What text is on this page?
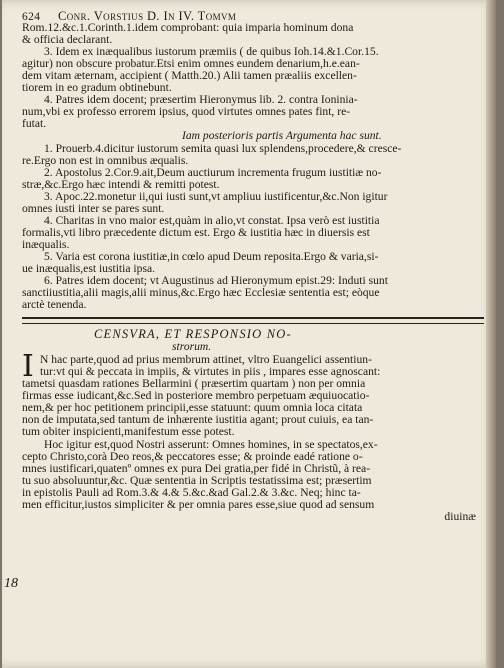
18
624 Conr. Vorstius D. In IV. Tomvm
Rom.12.&c.1.Corinth.1.idem comprobant: quia imparia hominum dona
& officia declarant.
3. Idem ex inæqualibus iustorum præmiis ( de quibus Ioh.14.&1.Cor.15.
agitur) non obscure probatur.Etsi enim omnes eundem denarium,h.e.ean-
dem vitam æternam, accipient ( Matth.20.) Alii tamen præaliis excellen-
tiorem in eo gradum obtinebunt.
4. Patres idem docent; præsertim Hieronymus lib. 2. contra Ioninia-
num,vbi ex professo errorem ipsius, quod virtutes omnes pates fint, re-
futat.
Iam posterioris partis Argumenta hac sunt.
1. Prouerb.4.dicitur iustorum semita quasi lux splendens,procedere,& cresce-
re.Ergo non est in omnibus æqualis.
2. Apostolus 2.Cor.9.ait,Deum auctiurum incrementa frugum iustitiæ no-
stræ,&c.Ergo hæc intendi & remitti potest.
3. Apoc.22.monetur ii,qui iusti sunt,vt ampliuu iustificentur,&c.Non igitur
omnes iusti inter se pares sunt.
4. Charitas in vno maior est,quàm in alio,vt constat. Ipsa verò est iustitia
formalis,vti libro præcedente dictum est. Ergo & iustitia hæc in diuersis est
inæqualis.
5. Varia est corona iustitiæ,in cœlo apud Deum reposita.Ergo & varia,si-
ue inæqualis,est iustitia ipsa.
6. Patres idem docent; vt Augustinus ad Hieronymum epist.29: Induti sunt
sanctiiustitia,alii magis,alii minus,&c.Ergo hæc Ecclesiæ sententia est; eòque
arctè tenenda.
CENSVRA, ET RESPONSIO NO-
strorum.
I N hac parte,quod ad prius membrum attinet, vltro Euangelici assentiun-
tur:vt qui & peccata in impiis, & virtutes in piis , impares esse agnoscant:
tametsi quasdam rationes Bellarmini ( præsertim quartam ) non per omnia
firmas esse iudicant,&c.Sed in posteriore membro perpetuam æquiuocatio-
nem,& per hoc petitionem principii,esse statuunt: quum omnia loca citata
non de imputata,sed tantum de inhærente iustitia agant; prout cuiuis, ea tan-
tum obiter inspicienti,manifestum esse potest.
Hoc igitur est,quod Nostri asserunt: Omnes homines, in se spectatos,ex-
cepto Christo,corà Deo reos,& peccatores esse; & proinde eadé ratione o-
mnes iustificari,quatenº omnes ex pura Dei gratia,per fidé in Christũ, à rea-
tu suo absoluuntur,&c. Quæ sententia in Scriptis testatissima est; præsertim
in epistolis Pauli ad Rom.3.& 4.& 5.&c.&ad Gal.2.& 3.&c. Neq; hinc ta-
men efficitur,iustos simpliciter & per omnia pares esse,siue quod ad sensum
diuinæ
